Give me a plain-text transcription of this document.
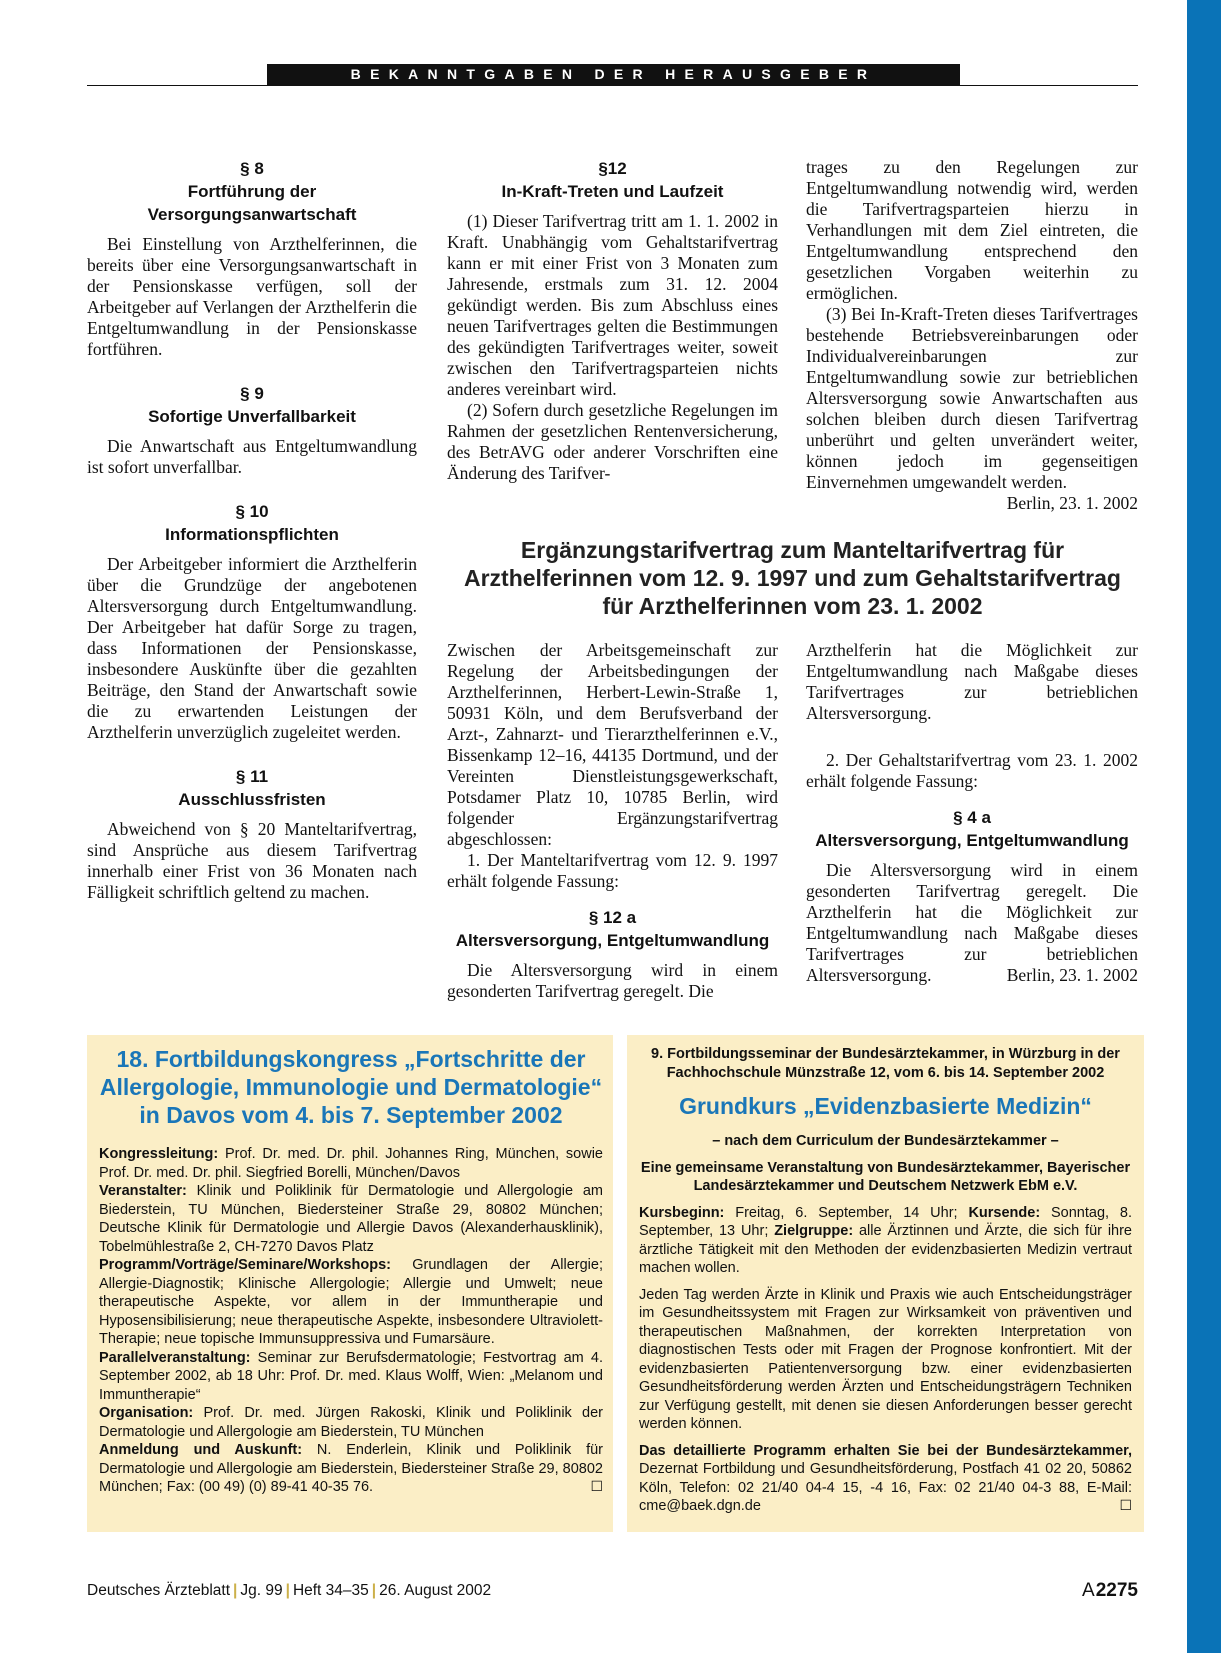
BEKANNTGABEN DER HERAUSGEBER
§ 8
Fortführung der
Versorgungsanwartschaft

Bei Einstellung von Arzthelferinnen, die bereits über eine Versorgungsanwartschaft in der Pensionskasse verfügen, soll der Arbeitgeber auf Verlangen der Arzthelferin die Entgeltumwandlung in der Pensionskasse fortführen.

§ 9
Sofortige Unverfallbarkeit

Die Anwartschaft aus Entgeltumwandlung ist sofort unverfallbar.

§ 10
Informationspflichten

Der Arbeitgeber informiert die Arzthelferin über die Grundzüge der angebotenen Altersversorgung durch Entgeltumwandlung. Der Arbeitgeber hat dafür Sorge zu tragen, dass Informationen der Pensionskasse, insbesondere Auskünfte über die gezahlten Beiträge, den Stand der Anwartschaft sowie die zu erwartenden Leistungen der Arzthelferin unverzüglich zugeleitet werden.

§ 11
Ausschlussfristen

Abweichend von § 20 Manteltarifvertrag, sind Ansprüche aus diesem Tarifvertrag innerhalb einer Frist von 36 Monaten nach Fälligkeit schriftlich geltend zu machen.

§12
In-Kraft-Treten und Laufzeit

(1) Dieser Tarifvertrag tritt am 1. 1. 2002 in Kraft. Unabhängig vom Gehaltstarifvertrag kann er mit einer Frist von 3 Monaten zum Jahresende, erstmals zum 31. 12. 2004 gekündigt werden. Bis zum Abschluss eines neuen Tarifvertrages gelten die Bestimmungen des gekündigten Tarifvertrages weiter, soweit zwischen den Tarifvertragsparteien nichts anderes vereinbart wird.

(2) Sofern durch gesetzliche Regelungen im Rahmen der gesetzlichen Rentenversicherung, des BetrAVG oder anderer Vorschriften eine Änderung des Tarifver-

trages zu den Regelungen zur Entgeltumwandlung notwendig wird, werden die Tarifvertragsparteien hierzu in Verhandlungen mit dem Ziel eintreten, die Entgeltumwandlung entsprechend den gesetzlichen Vorgaben weiterhin zu ermöglichen.

(3) Bei In-Kraft-Treten dieses Tarifvertrages bestehende Betriebsvereinbarungen oder Individualvereinbarungen zur Entgeltumwandlung sowie zur betrieblichen Altersversorgung sowie Anwartschaften aus solchen bleiben durch diesen Tarifvertrag unberührt und gelten unverändert weiter, können jedoch im gegenseitigen Einvernehmen umgewandelt werden.
Berlin, 23. 1. 2002

Ergänzungstarifvertrag zum Manteltarifvertrag für Arzthelferinnen vom 12. 9. 1997 und zum Gehaltstarifvertrag für Arzthelferinnen vom 23. 1. 2002

Zwischen der Arbeitsgemeinschaft zur Regelung der Arbeitsbedingungen der Arzthelferinnen, Herbert-Lewin-Straße 1, 50931 Köln, und dem Berufsverband der Arzt-, Zahnarzt- und Tierarzthelferinnen e.V., Bissenkamp 12–16, 44135 Dortmund, und der Vereinten Dienstleistungsgewerkschaft, Potsdamer Platz 10, 10785 Berlin, wird folgender Ergänzungstarifvertrag abgeschlossen:

1. Der Manteltarifvertrag vom 12. 9. 1997 erhält folgende Fassung:

§ 12 a
Altersversorgung, Entgeltumwandlung

Die Altersversorgung wird in einem gesonderten Tarifvertrag geregelt. Die

Arzthelferin hat die Möglichkeit zur Entgeltumwandlung nach Maßgabe dieses Tarifvertrages zur betrieblichen Altersversorgung.

2. Der Gehaltstarifvertrag vom 23. 1. 2002 erhält folgende Fassung:

§ 4 a
Altersversorgung, Entgeltumwandlung

Die Altersversorgung wird in einem gesonderten Tarifvertrag geregelt. Die Arzthelferin hat die Möglichkeit zur Entgeltumwandlung nach Maßgabe dieses Tarifvertrages zur betrieblichen Altersversorgung.	Berlin, 23. 1. 2002

18. Fortbildungskongress „Fortschritte der Allergologie, Immunologie und Dermatologie“ in Davos vom 4. bis 7. September 2002

Kongressleitung: Prof. Dr. med. Dr. phil. Johannes Ring, München, sowie Prof. Dr. med. Dr. phil. Siegfried Borelli, München/Davos

Veranstalter: Klinik und Poliklinik für Dermatologie und Allergologie am Biederstein, TU München, Biedersteiner Straße 29, 80802 München; Deutsche Klinik für Dermatologie und Allergie Davos (Alexanderhausklinik), Tobelmühlestraße 2, CH-7270 Davos Platz

Programm/Vorträge/Seminare/Workshops: Grundlagen der Allergie; Allergie-Diagnostik; Klinische Allergologie; Allergie und Umwelt; neue therapeutische Aspekte, vor allem in der Immuntherapie und Hyposensibilisierung; neue therapeutische Aspekte, insbesondere Ultraviolett-Therapie; neue topische Immunsuppressiva und Fumarsäure.

Parallelveranstaltung: Seminar zur Berufsdermatologie; Festvortrag am 4. September 2002, ab 18 Uhr: Prof. Dr. med. Klaus Wolff, Wien: „Melanom und Immuntherapie“

Organisation: Prof. Dr. med. Jürgen Rakoski, Klinik und Poliklinik der Dermatologie und Allergologie am Biederstein, TU München

Anmeldung und Auskunft: N. Enderlein, Klinik und Poliklinik für Dermatologie und Allergologie am Biederstein, Biedersteiner Straße 29, 80802 München; Fax: (00 49) (0) 89-41 40-35 76.	☐

9. Fortbildungsseminar der Bundesärztekammer, in Würzburg in der Fachhochschule Münzstraße 12, vom 6. bis 14. September 2002

Grundkurs „Evidenzbasierte Medizin“

– nach dem Curriculum der Bundesärztekammer –

Eine gemeinsame Veranstaltung von Bundesärztekammer, Bayerischer Landesärztekammer und Deutschem Netzwerk EbM e.V.

Kursbeginn: Freitag, 6. September, 14 Uhr; Kursende: Sonntag, 8. September, 13 Uhr; Zielgruppe: alle Ärztinnen und Ärzte, die sich für ihre ärztliche Tätigkeit mit den Methoden der evidenzbasierten Medizin vertraut machen wollen.

Jeden Tag werden Ärzte in Klinik und Praxis wie auch Entscheidungsträger im Gesundheitssystem mit Fragen zur Wirksamkeit von präventiven und therapeutischen Maßnahmen, der korrekten Interpretation von diagnostischen Tests oder mit Fragen der Prognose konfrontiert. Mit der evidenzbasierten Patientenversorgung bzw. einer evidenzbasierten Gesundheitsförderung werden Ärzten und Entscheidungsträgern Techniken zur Verfügung gestellt, mit denen sie diesen Anforderungen besser gerecht werden können.

Das detaillierte Programm erhalten Sie bei der Bundesärztekammer, Dezernat Fortbildung und Gesundheitsförderung, Postfach 41 02 20, 50862 Köln, Telefon: 02 21/40 04-4 15, -4 16, Fax: 02 21/40 04-3 88, E-Mail: cme@baek.dgn.de	☐

Deutsches Ärzteblatt | Jg. 99 | Heft 34–35 | 26. August 2002	A2275
